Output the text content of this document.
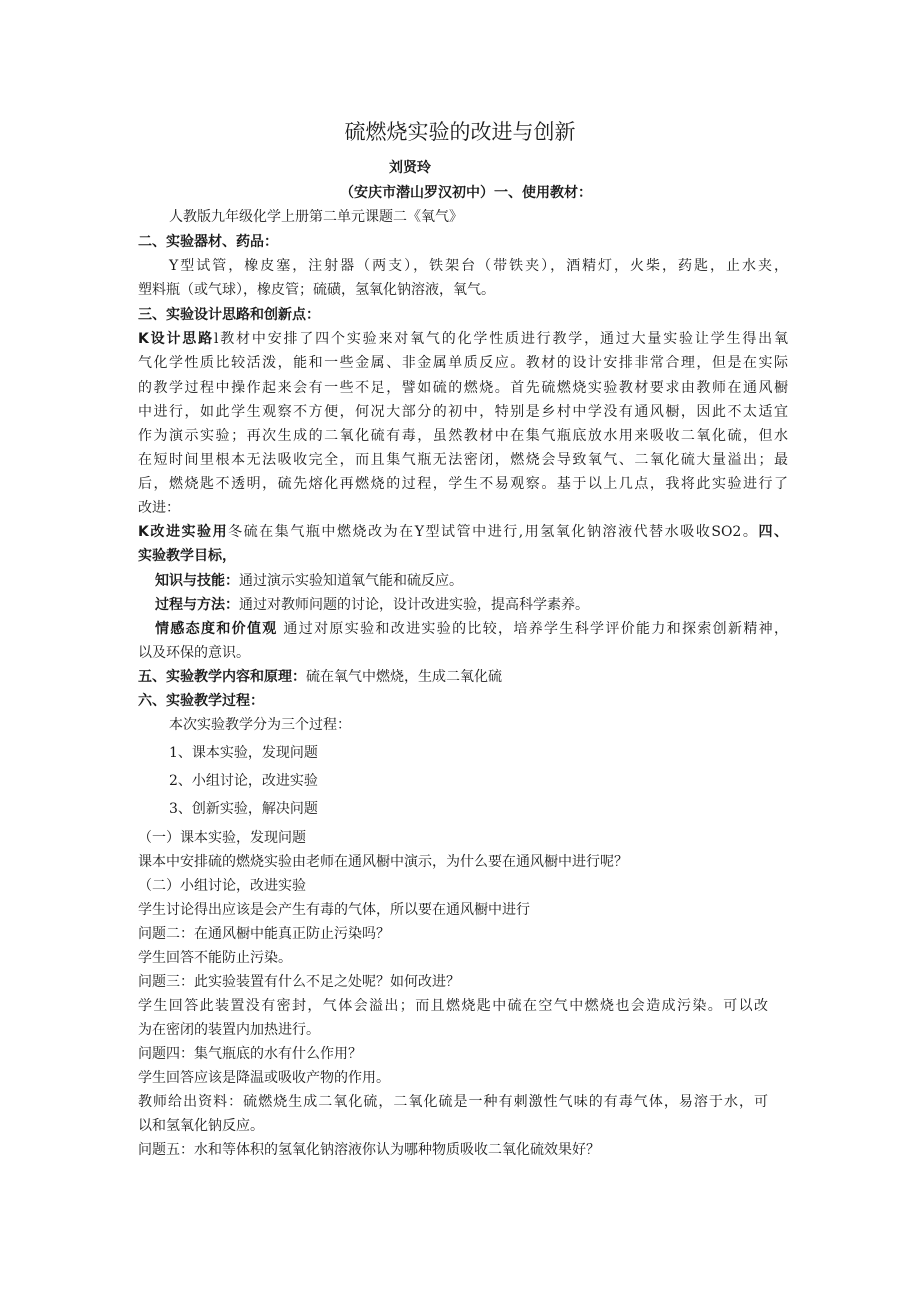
硫燃烧实验的改进与创新
刘贤玲
（安庆市潜山罗汉初中）一、使用教材：
人教版九年级化学上册第二单元课题二《氧气》
二、实验器材、药品：
Y型试管，橡皮塞，注射器（两支），铁架台（带铁夹），酒精灯，火柴，药匙，止水夹，
塑料瓶（或气球），橡皮管；硫磺，氢氧化钠溶液，氧气。
三、实验设计思路和创新点：
K设计思路l教材中安排了四个实验来对氧气的化学性质进行教学，通过大量实验让学生得出氧
气化学性质比较活泼，能和一些金属、非金属单质反应。教材的设计安排非常合理，但是在实际
的教学过程中操作起来会有一些不足，譬如硫的燃烧。首先硫燃烧实验教材要求由教师在通风橱
中进行，如此学生观察不方便，何况大部分的初中，特别是乡村中学没有通风橱，因此不太适宜
作为演示实验；再次生成的二氧化硫有毒，虽然教材中在集气瓶底放水用来吸收二氧化硫，但水
在短时间里根本无法吸收完全，而且集气瓶无法密闭，燃烧会导致氧气、二氧化硫大量溢出；最
后，燃烧匙不透明，硫先熔化再燃烧的过程，学生不易观察。基于以上几点，我将此实验进行了
改进：
K改进实验用冬硫在集气瓶中燃烧改为在Y型试管中进行,用氢氧化钠溶液代替水吸收SO2。四、
实验教学目标，
知识与技能：通过演示实验知道氧气能和硫反应。
过程与方法：通过对教师问题的讨论，设计改进实验，提高科学素养。
情感态度和价值观 通过对原实验和改进实验的比较，培养学生科学评价能力和探索创新精神，
以及环保的意识。
五、实验教学内容和原理：硫在氧气中燃烧，生成二氧化硫
六、实验教学过程：
本次实验教学分为三个过程：
1、课本实验，发现问题
2、小组讨论，改进实验
3、创新实验，解决问题
（一）课本实验，发现问题
课本中安排硫的燃烧实验由老师在通风橱中演示，为什么要在通风橱中进行呢？
（二）小组讨论，改进实验
学生讨论得出应该是会产生有毒的气体，所以要在通风橱中进行
问题二：在通风橱中能真正防止污染吗？
学生回答不能防止污染。
问题三：此实验装置有什么不足之处呢？如何改进？
学生回答此装置没有密封，气体会溢出；而且燃烧匙中硫在空气中燃烧也会造成污染。可以改
为在密闭的装置内加热进行。
问题四：集气瓶底的水有什么作用？
学生回答应该是降温或吸收产物的作用。
教师给出资料：硫燃烧生成二氧化硫，二氧化硫是一种有刺激性气味的有毒气体，易溶于水，可
以和氢氧化钠反应。
问题五：水和等体积的氢氧化钠溶液你认为哪种物质吸收二氧化硫效果好？
